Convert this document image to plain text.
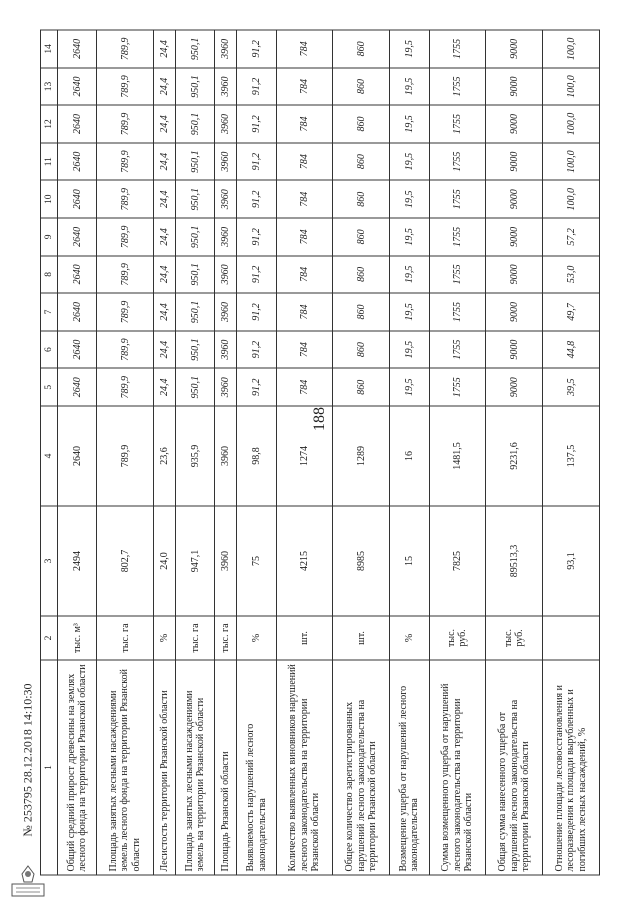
188
1	2	3	4	5	6	7	8	9	10	11	12	13	14
Общий средний прирост древесины на землях лесного фонда на территории Рязанской области	тыс. м³	2494	2640	2640	2640	2640	2640	2640	2640	2640	2640	2640	2640
Площадь занятых лесными насаждениями земель лесного фонда на территории Рязанской области	тыс. га	802,7	789,9	789,9	789,9	789,9	789,9	789,9	789,9	789,9	789,9	789,9	789,9
Лесистость территории Рязанской области	%	24,0	23,6	24,4	24,4	24,4	24,4	24,4	24,4	24,4	24,4	24,4	24,4
Площадь занятых лесными насаждениями земель на территории Рязанской области	тыс. га	947,1	935,9	950,1	950,1	950,1	950,1	950,1	950,1	950,1	950,1	950,1	950,1
Площадь Рязанской области	тыс. га	3960	3960	3960	3960	3960	3960	3960	3960	3960	3960	3960	3960
Выявляемость нарушений лесного законодательства	%	75	98,8	91,2	91,2	91,2	91,2	91,2	91,2	91,2	91,2	91,2	91,2
Количество выявленных виновников нарушений лесного законодательства на территории Рязанской области	шт.	4215	1274	784	784	784	784	784	784	784	784	784	784
Общее количество зарегистрированных нарушений лесного законодательства на территории Рязанской области	шт.	8985	1289	860	860	860	860	860	860	860	860	860	860
Возмещение ущерба от нарушений лесного законодательства	%	15	16	19,5	19,5	19,5	19,5	19,5	19,5	19,5	19,5	19,5	19,5
Сумма возмещенного ущерба от нарушений лесного законодательства на территории Рязанской области	тыс. руб.	7825	1481,5	1755	1755	1755	1755	1755	1755	1755	1755	1755	1755
Общая сумма нанесенного ущерба от нарушений лесного законодательства на территории Рязанской области	тыс. руб.	89513,3	9231,6	9000	9000	9000	9000	9000	9000	9000	9000	9000	9000
Отношение площади лесовосстановления и лесоразведения к площади вырубленных и погибших лесных насаждений, %		93,1	137,5	39,5	44,8	49,7	53,0	57,2	100,0	100,0	100,0	100,0	100,0
№ 253795 28.12.2018 14:10:30
